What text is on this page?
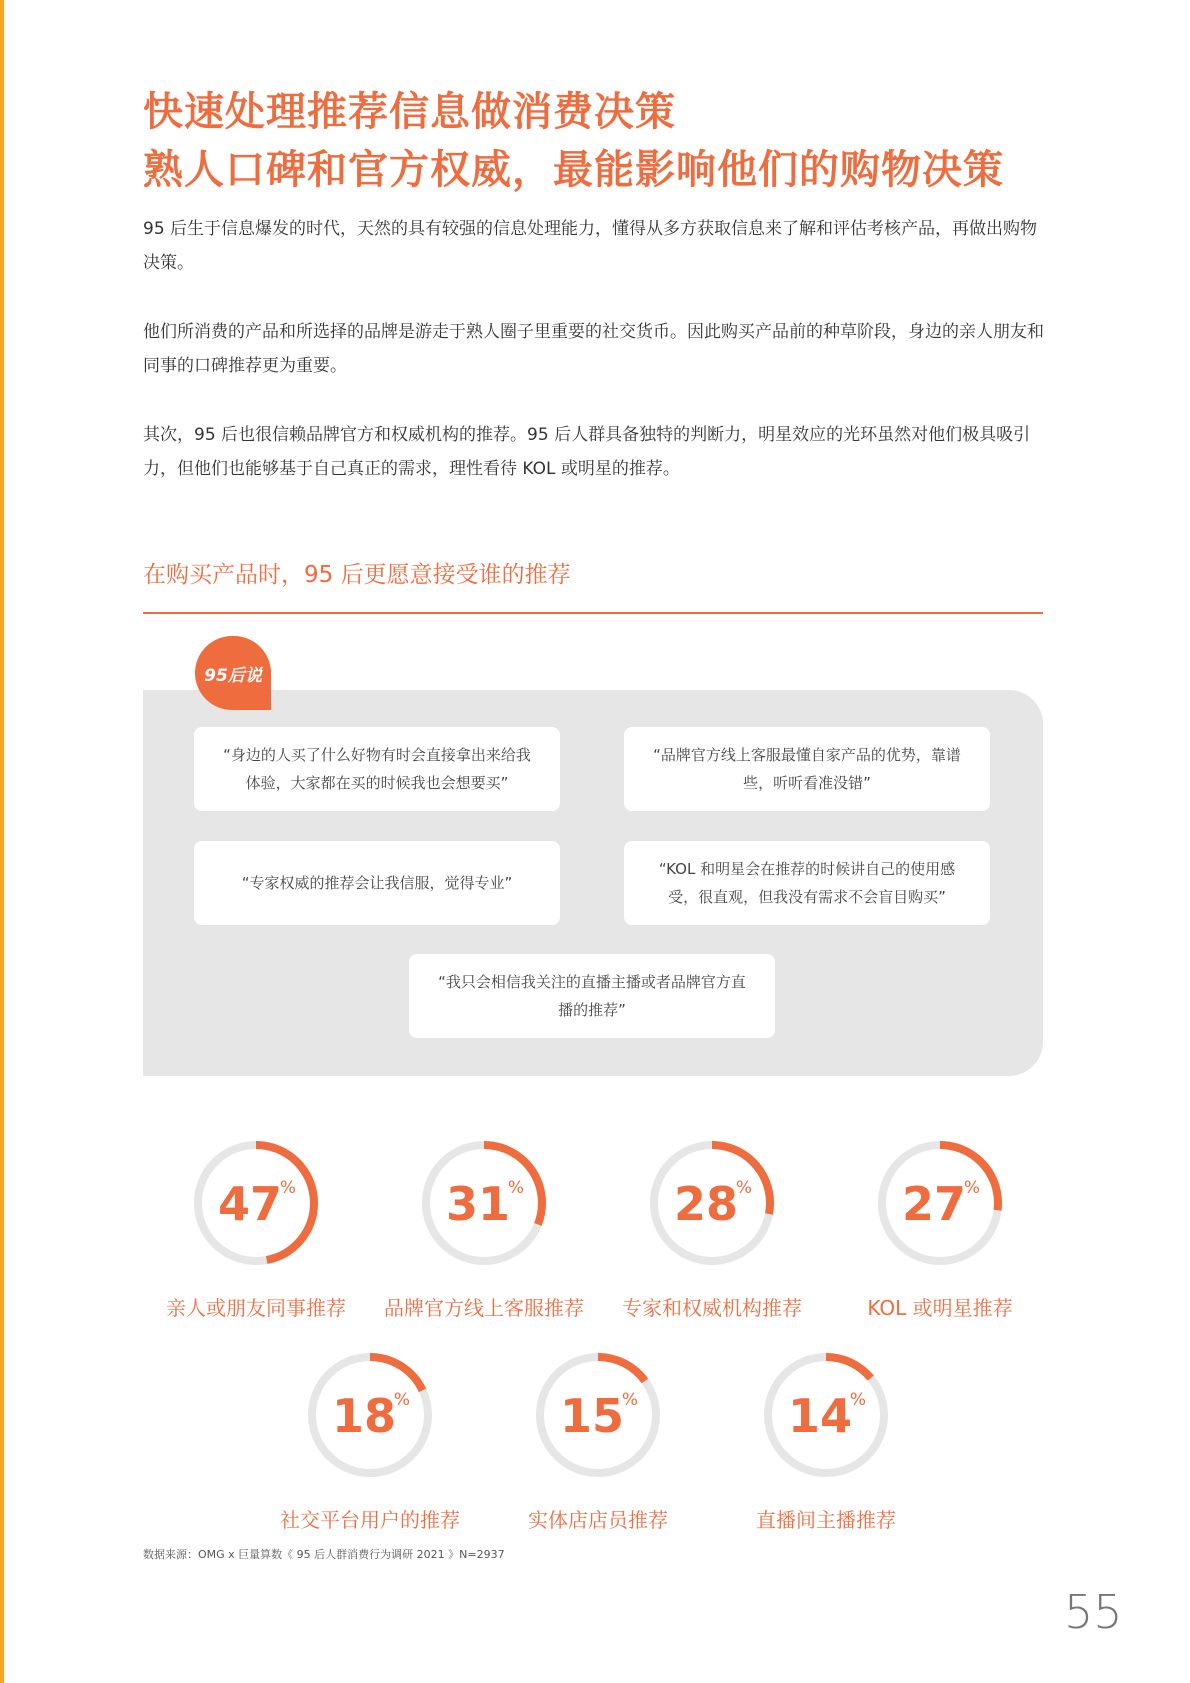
快速处理推荐信息做消费决策
熟人口碑和官方权威，最能影响他们的购物决策
95 后生于信息爆发的时代，天然的具有较强的信息处理能力，懂得从多方获取信息来了解和评估考核产品，再做出购物决策。
他们所消费的产品和所选择的品牌是游走于熟人圈子里重要的社交货币。因此购买产品前的种草阶段，身边的亲人朋友和同事的口碑推荐更为重要。
其次，95 后也很信赖品牌官方和权威机构的推荐。95 后人群具备独特的判断力，明星效应的光环虽然对他们极具吸引力，但他们也能够基于自己真正的需求，理性看待 KOL 或明星的推荐。
在购买产品时，95 后更愿意接受谁的推荐
95后说
“身边的人买了什么好物有时会直接拿出来给我体验，大家都在买的时候我也会想要买”
“品牌官方线上客服最懂自家产品的优势，靠谱些，听听看准没错”
“专家权威的推荐会让我信服，觉得专业”
“KOL 和明星会在推荐的时候讲自己的使用感受，很直观，但我没有需求不会盲目购买”
“我只会相信我关注的直播主播或者品牌官方直播的推荐”
47
%
亲人或朋友同事推荐
31
%
品牌官方线上客服推荐
28
%
专家和权威机构推荐
27
%
KOL 或明星推荐
18
%
社交平台用户的推荐
15
%
实体店店员推荐
14
%
直播间主播推荐
数据来源：OMG x 巨量算数《 95 后人群消费行为调研 2021 》N=2937
55
